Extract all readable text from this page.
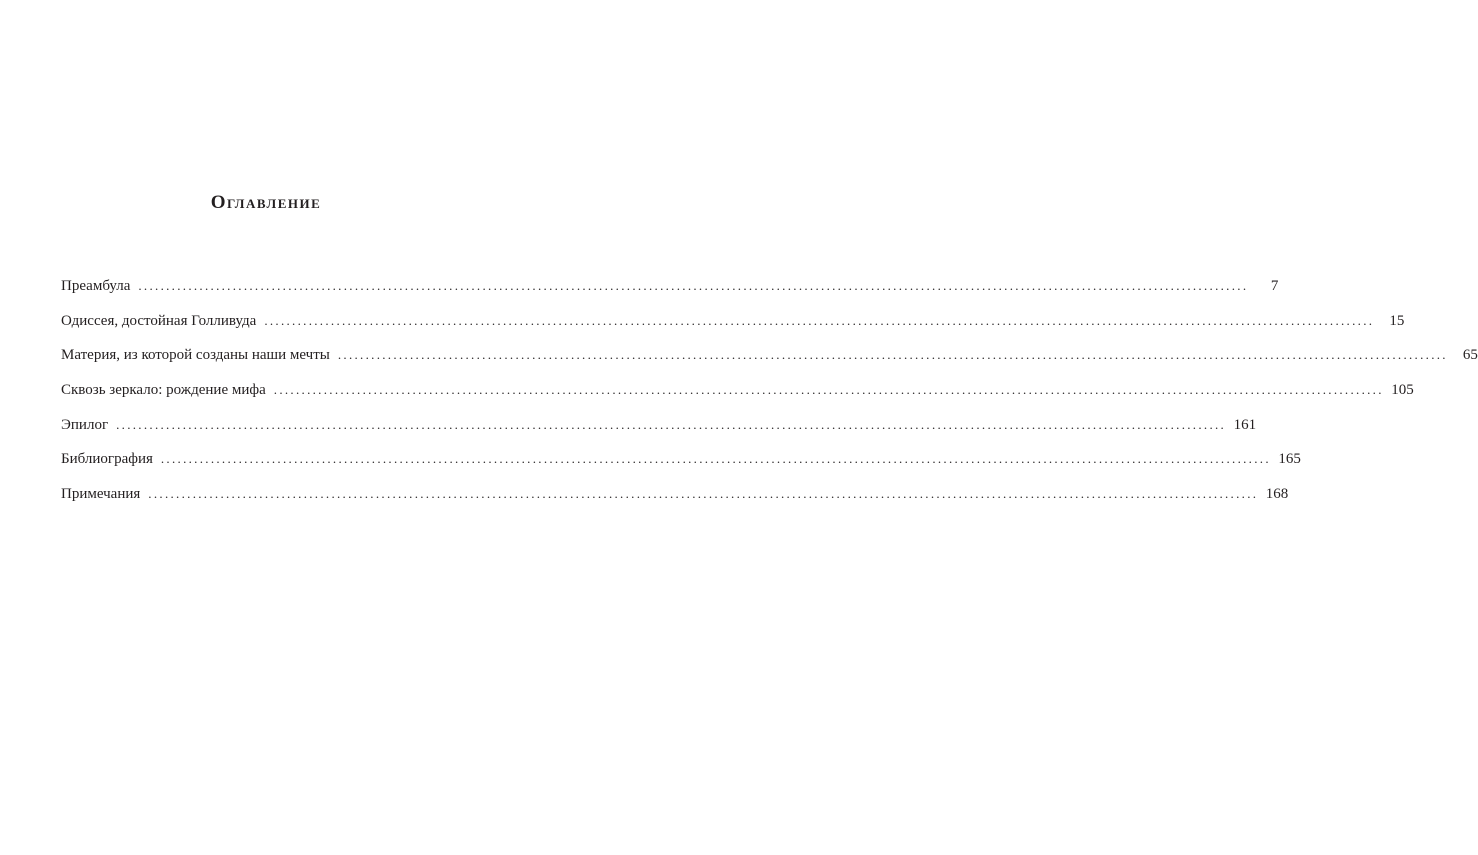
Оглавление
Преамбула ........................................................................................................................................................................................................	7
Одиссея, достойная Голливуда ........................................................................................................................................................................................................	15
Материя, из которой созданы наши мечты ........................................................................................................................................................................................................	65
Сквозь зеркало: рождение мифа ........................................................................................................................................................................................................ 105
Эпилог ........................................................................................................................................................................................................ 161
Библиография ........................................................................................................................................................................................................ 165
Примечания ........................................................................................................................................................................................................ 168
